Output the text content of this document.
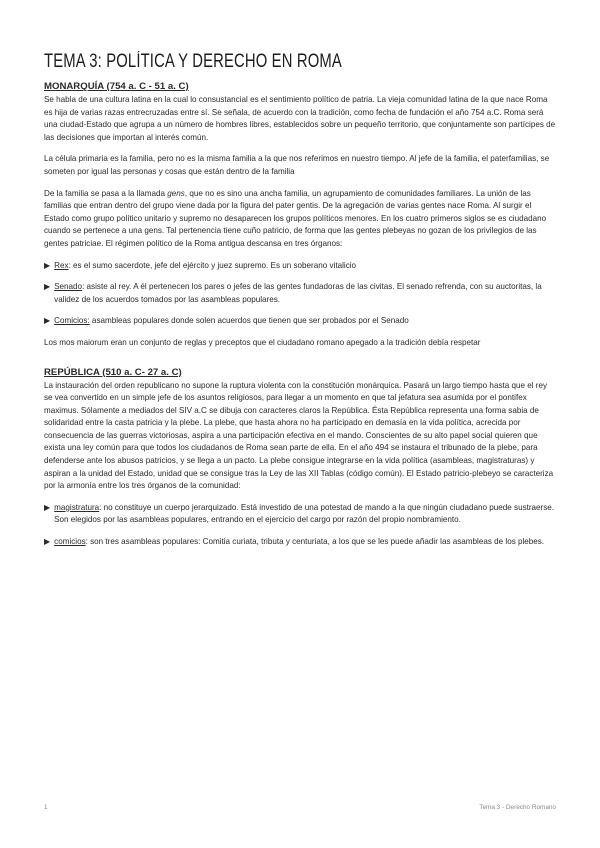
TEMA 3: POLÍTICA Y DERECHO EN ROMA
MONARQUÍA (754 a. C - 51 a. C)

Se habla de una cultura latina en la cual lo consustancial es el sentimiento político de patria. La vieja comunidad latina de la que nace Roma es hija de varias razas entrecruzadas entre sí. Se señala, de acuerdo con la tradición, como fecha de fundación el año 754 a.C. Roma será una ciudad-Estado que agrupa a un número de hombres libres, establecidos sobre un pequeño territorio, que conjuntamente son partícipes de las decisiones que importan al interés común.

La célula primaria es la familia, pero no es la misma familia a la que nos referimos en nuestro tiempo. Al jefe de la familia, el paterfamilias, se someten por igual las personas y cosas que están dentro de la familia

De la familia se pasa a la llamada gens, que no es sino una ancha familia, un agrupamiento de comunidades familiares. La unión de las familias que entran dentro del grupo viene dada por la figura del pater gentis. De la agregación de varias gentes nace Roma. Al surgir el Estado como grupo político unitario y supremo no desaparecen los grupos políticos menores. En los cuatro primeros siglos se es ciudadano cuando se pertenece a una gens. Tal pertenencia tiene cuño patricio, de forma que las gentes plebeyas no gozan de los privilegios de las gentes patriciae. El régimen político de la Roma antigua descansa en tres órganos:

▶ Rex: es el sumo sacerdote, jefe del ejército y juez supremo. Es un soberano vitalicio

▶ Senado: asiste al rey. A él pertenecen los pares o jefes de las gentes fundadoras de las civitas. El senado refrenda, con su auctoritas, la validez de los acuerdos tomados por las asambleas populares.

▶ Comicios: asambleas populares donde solen acuerdos que tienen que ser probados por el Senado

Los mos maiorum eran un conjunto de reglas y preceptos que el ciudadano romano apegado a la tradición debía respetar

REPÚBLICA (510 a. C- 27 a. C)

La instauración del orden republicano no supone la ruptura violenta con la constitución monárquica. Pasará un largo tiempo hasta que el rey se vea convertido en un simple jefe de los asuntos religiosos, para llegar a un momento en que tal jefatura sea asumida por el pontifex maximus. Sólamente a mediados del SIV a.C se dibuja con caracteres claros la República. Ésta República representa una forma sabia de solidaridad entre la casta patricia y la plebe. La plebe, que hasta ahora no ha participado en demasía en la vida política, acrecida por consecuencia de las guerras victoriosas, aspira a una participación efectiva en el mando. Conscientes de su alto papel social quieren que exista una ley común para que todos los ciudadanos de Roma sean parte de ella. En el año 494 se instaura el tribunado de la plebe, para defenderse ante los abusos patricios, y se llega a un pacto. La plebe consigue integrarse en la vida política (asambleas, magistraturas) y aspiran a la unidad del Estado, unidad que se consigue tras la Ley de las XII Tablas (código común). El Estado patricio-plebeyo se caracteriza por la armonía entre los tres órganos de la comunidad:

▶ magistratura: no constituye un cuerpo jerarquizado. Está investido de una potestad de mando a la que ningún ciudadano puede sustraerse. Son elegidos por las asambleas populares, entrando en el ejercicio del cargo por razón del propio nombramiento.

▶ comicios: son tres asambleas populares: Comitia curiata, tributa y centuriata, a los que se les puede añadir las asambleas de los plebes.

1	Tema 3 - Derecho Romano
